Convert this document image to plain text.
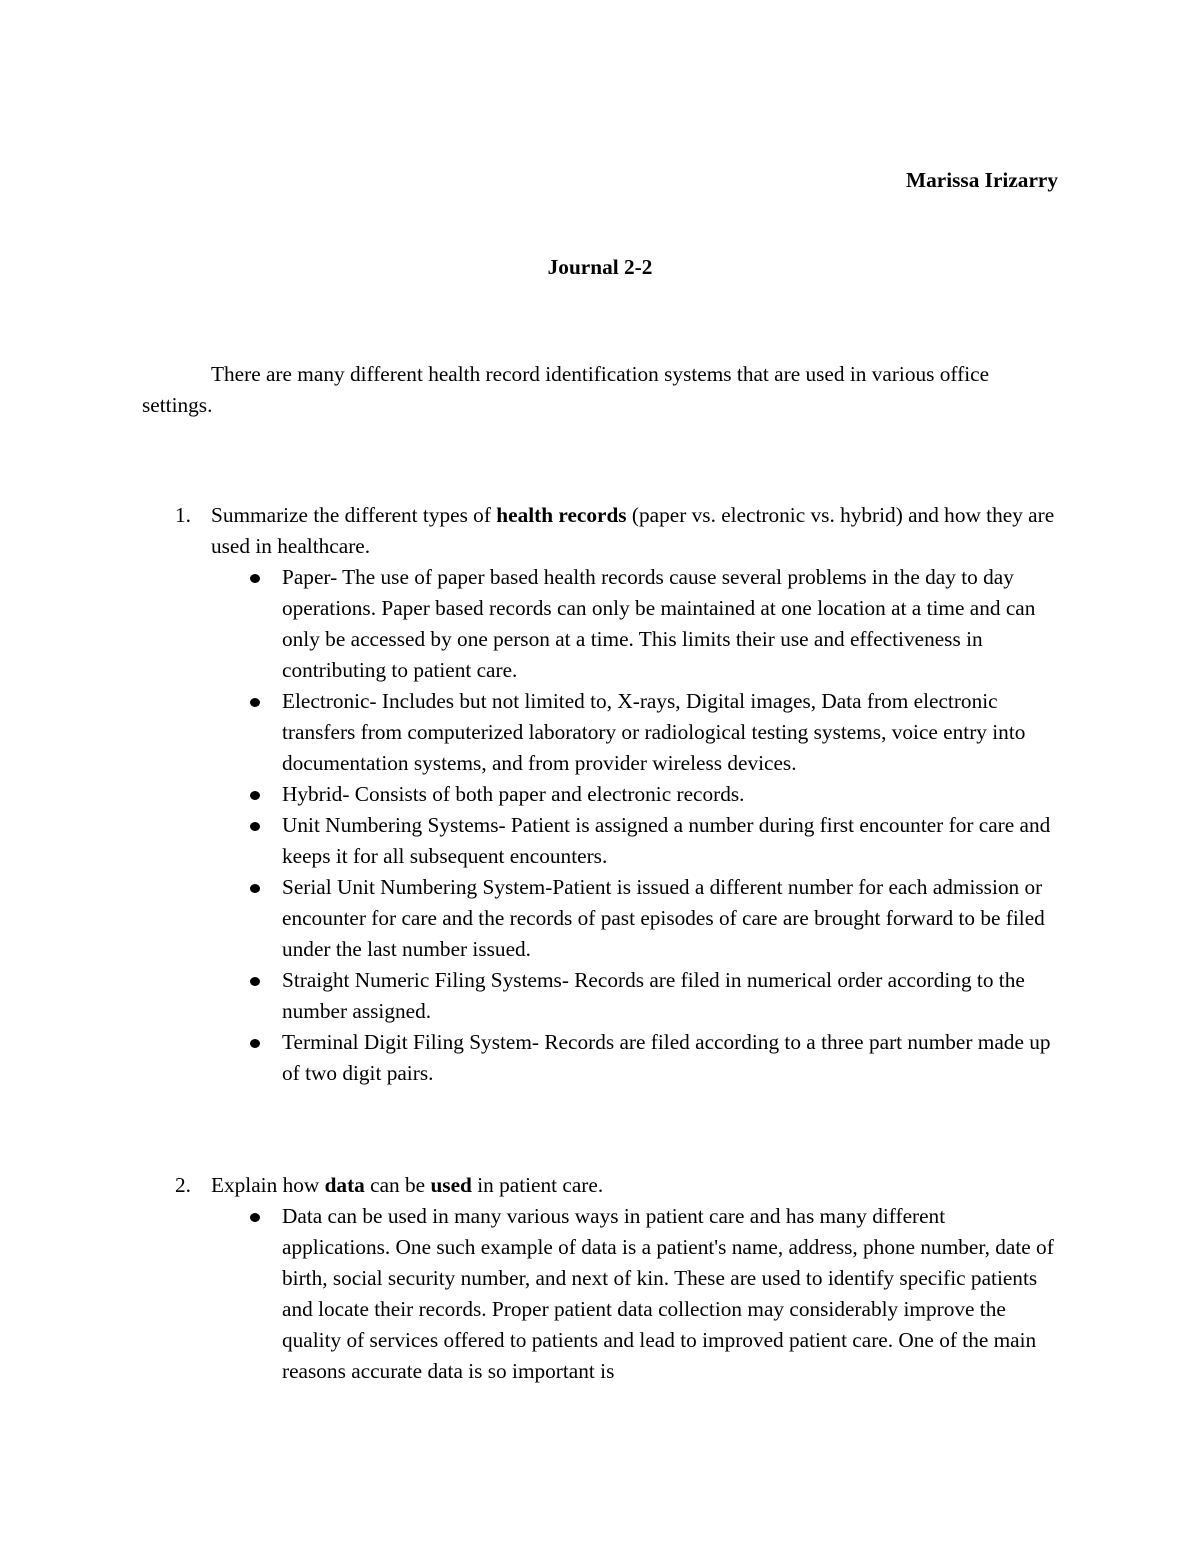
Marissa Irizarry
Journal 2-2

There are many different health record identification systems that are used in various office settings.

1. Summarize the different types of health records (paper vs. electronic vs. hybrid) and how they are used in healthcare.

Paper- The use of paper based health records cause several problems in the day to day operations. Paper based records can only be maintained at one location at a time and can only be accessed by one person at a time. This limits their use and effectiveness in contributing to patient care.
Electronic- Includes but not limited to, X-rays, Digital images, Data from electronic transfers from computerized laboratory or radiological testing systems, voice entry into documentation systems, and from provider wireless devices.
Hybrid- Consists of both paper and electronic records.
Unit Numbering Systems- Patient is assigned a number during first encounter for care and keeps it for all subsequent encounters.
Serial Unit Numbering System-Patient is issued a different number for each admission or encounter for care and the records of past episodes of care are brought forward to be filed under the last number issued.
Straight Numeric Filing Systems- Records are filed in numerical order according to the number assigned.
Terminal Digit Filing System- Records are filed according to a three part number made up of two digit pairs.
2. Explain how data can be used in patient care.

Data can be used in many various ways in patient care and has many different applications. One such example of data is a patient's name, address, phone number, date of birth, social security number, and next of kin. These are used to identify specific patients and locate their records. Proper patient data collection may considerably improve the quality of services offered to patients and lead to improved patient care. One of the main reasons accurate data is so important is
